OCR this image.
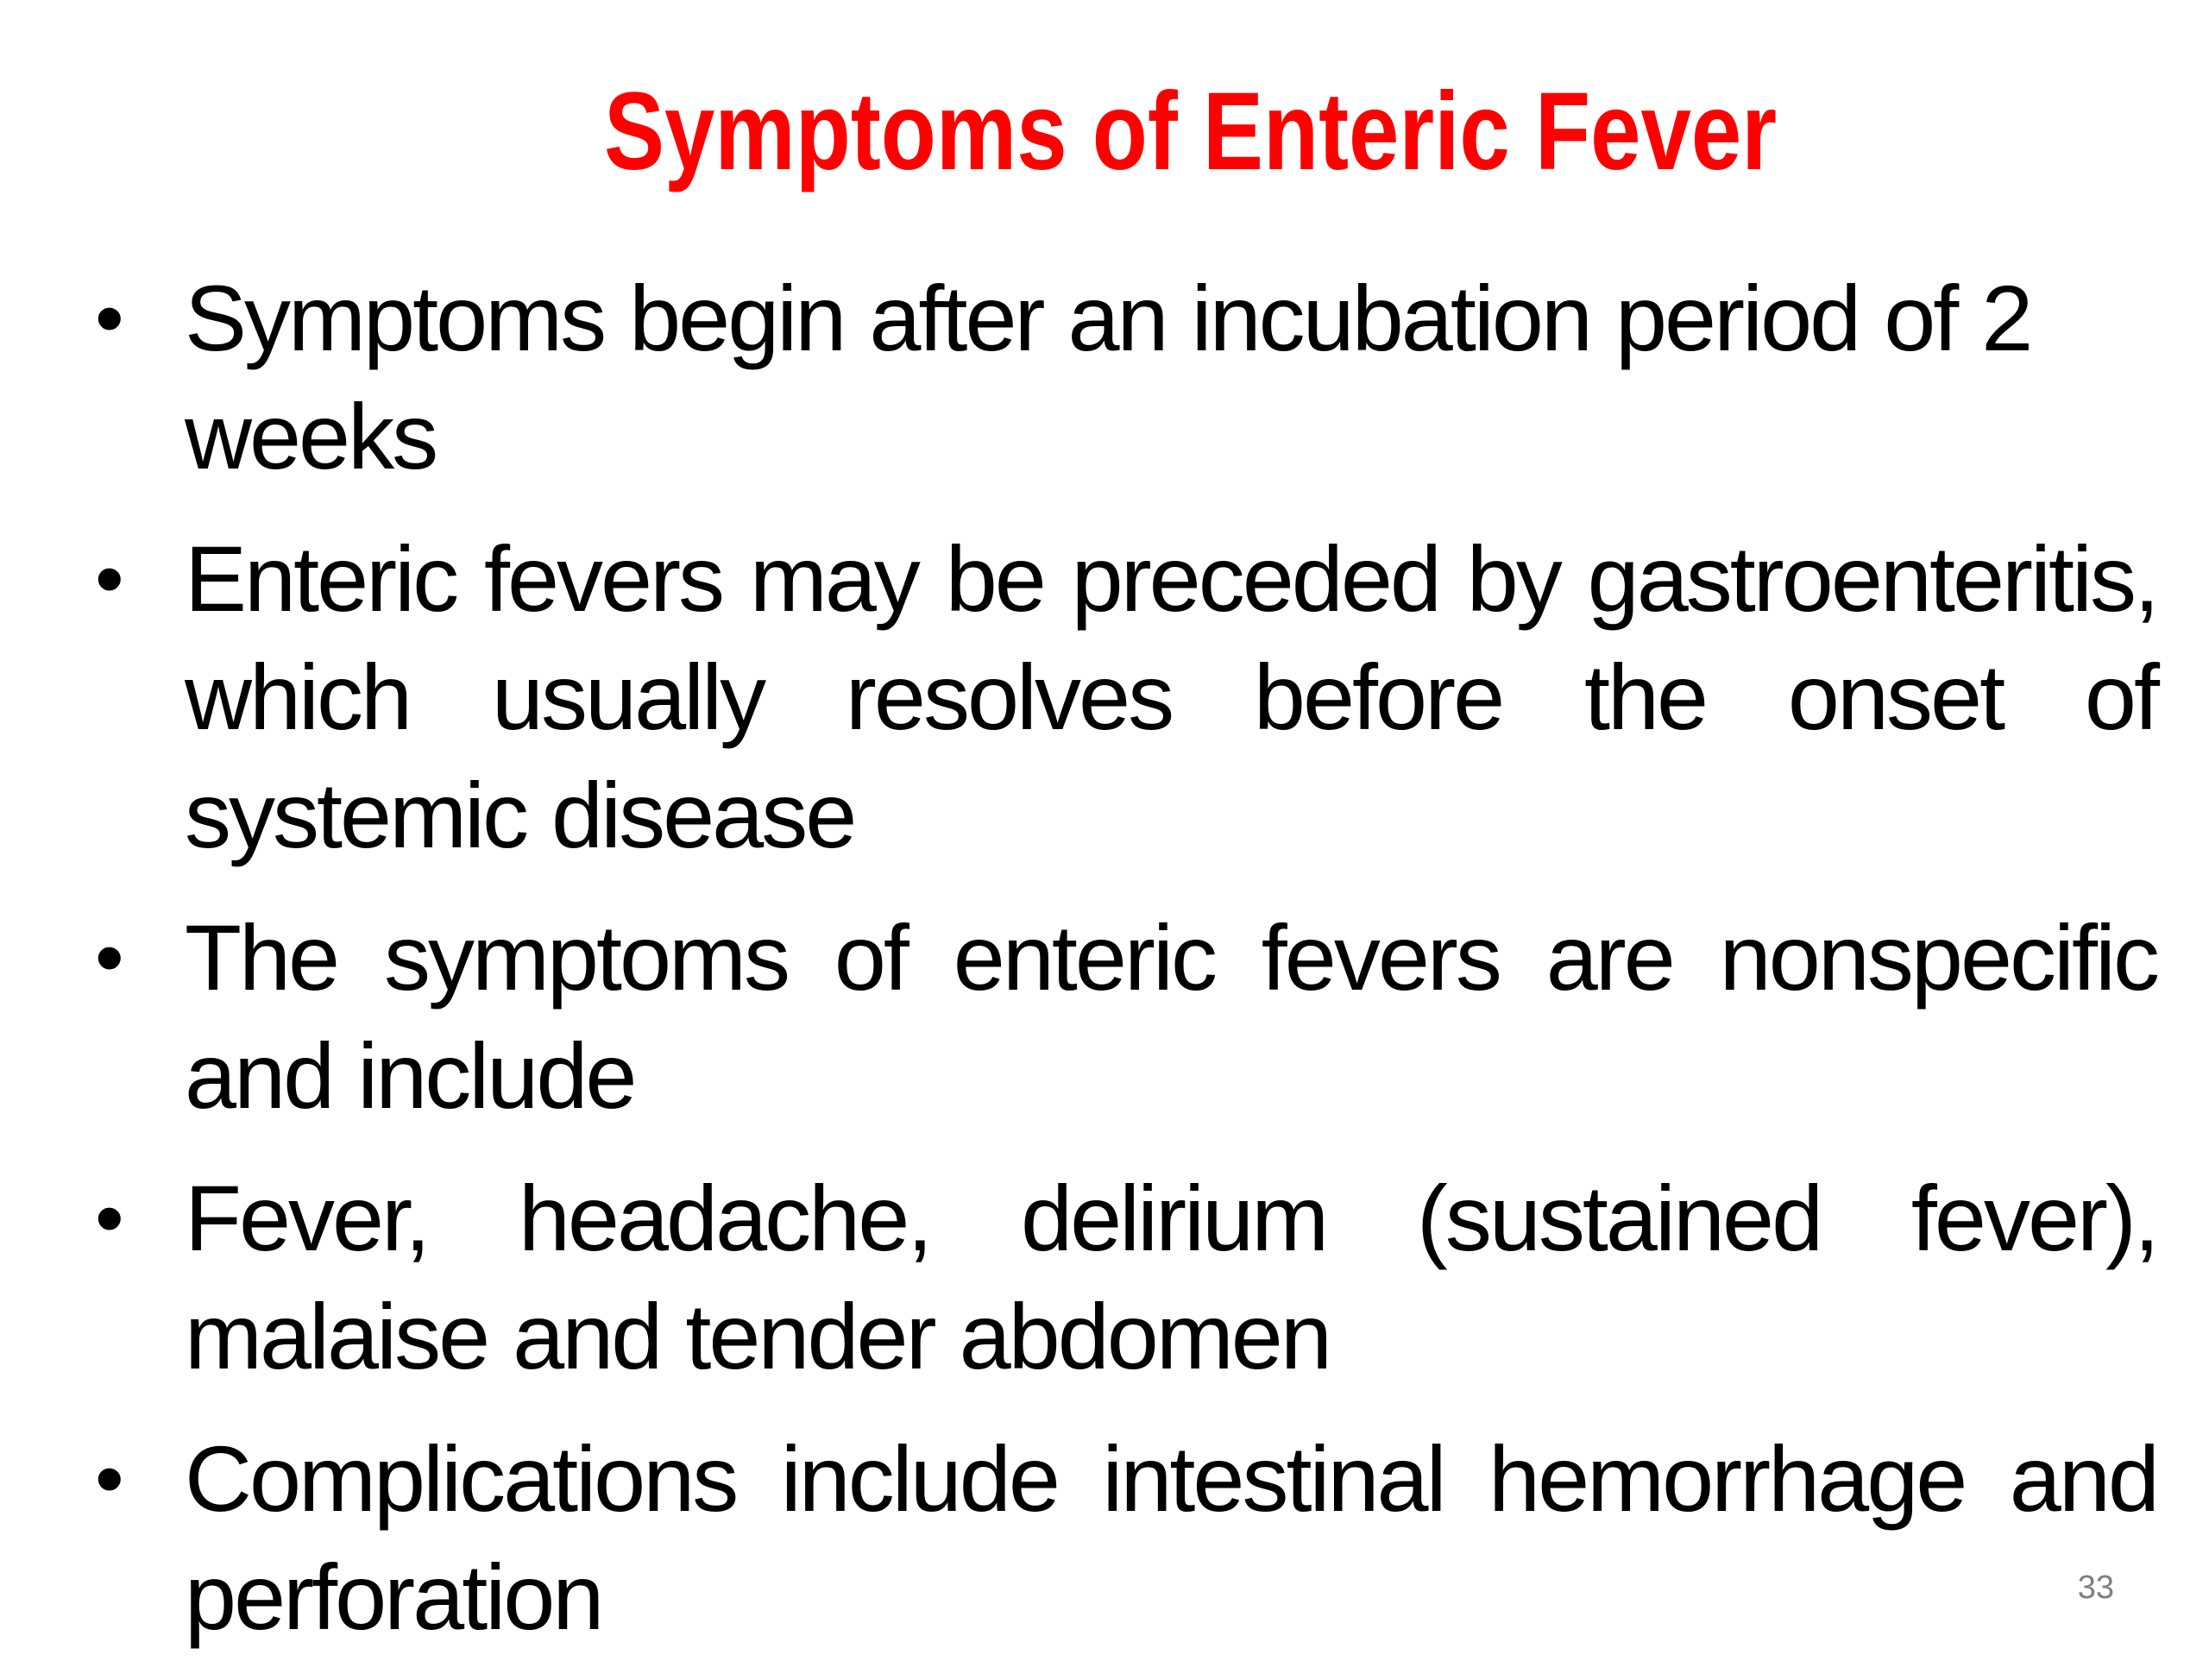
Symptoms of Enteric Fever
• Symptoms begin after an incubation period of 2 weeks
• Enteric fevers may be preceded by gastroenteritis, which usually resolves before the onset of systemic disease
• The symptoms of enteric fevers are nonspecific and include
• Fever, headache, delirium (sustained fever), malaise and tender abdomen
• Complications include intestinal hemorrhage and perforation	33
